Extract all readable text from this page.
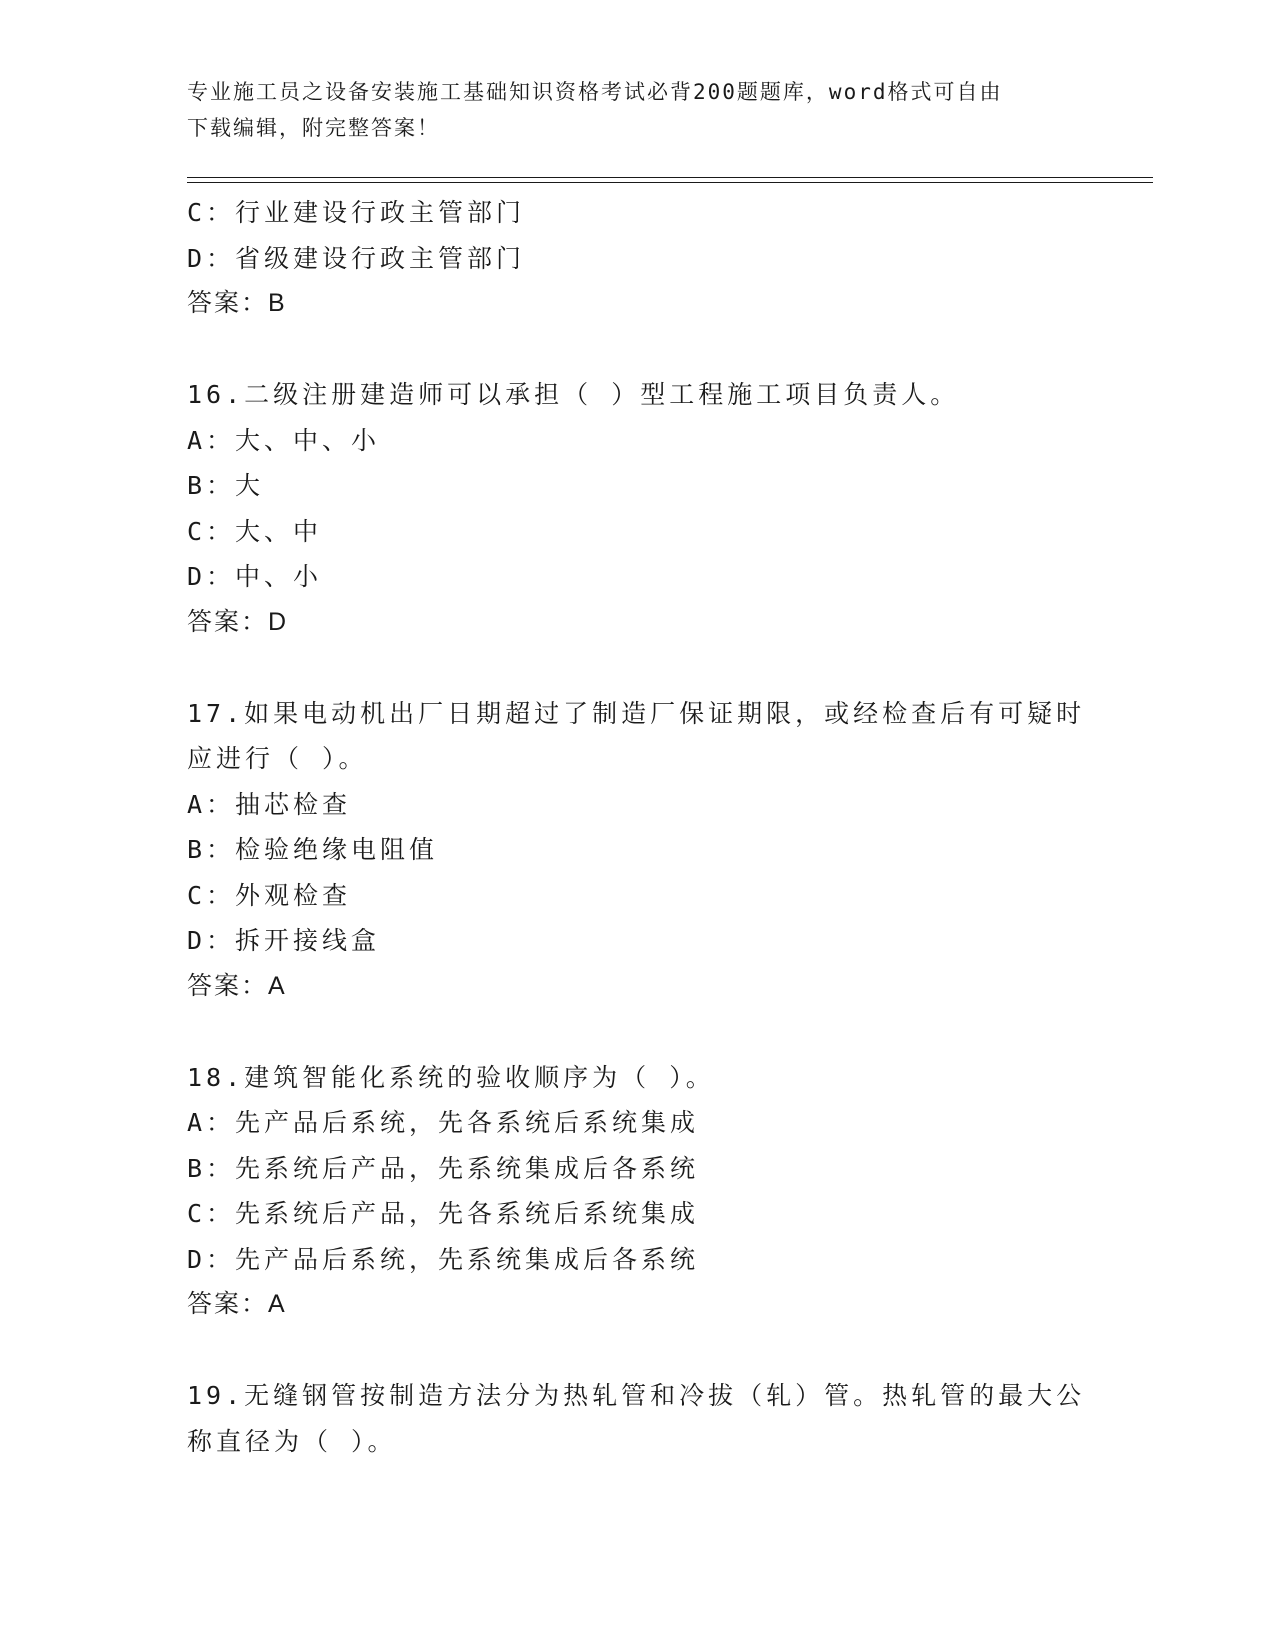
专业施工员之设备安装施工基础知识资格考试必背200题题库，word格式可自由
下载编辑，附完整答案！
C：行业建设行政主管部门
D：省级建设行政主管部门
答案：B
16.二级注册建造师可以承担（ ）型工程施工项目负责人。
A：大、中、小
B：大
C：大、中
D：中、小
答案：D
17.如果电动机出厂日期超过了制造厂保证期限，或经检查后有可疑时
应进行（ ）。
A：抽芯检查
B：检验绝缘电阻值
C：外观检查
D：拆开接线盒
答案：A
18.建筑智能化系统的验收顺序为（ ）。
A：先产品后系统，先各系统后系统集成
B：先系统后产品，先系统集成后各系统
C：先系统后产品，先各系统后系统集成
D：先产品后系统，先系统集成后各系统
答案：A
19.无缝钢管按制造方法分为热轧管和冷拔（轧）管。热轧管的最大公
称直径为（ ）。
